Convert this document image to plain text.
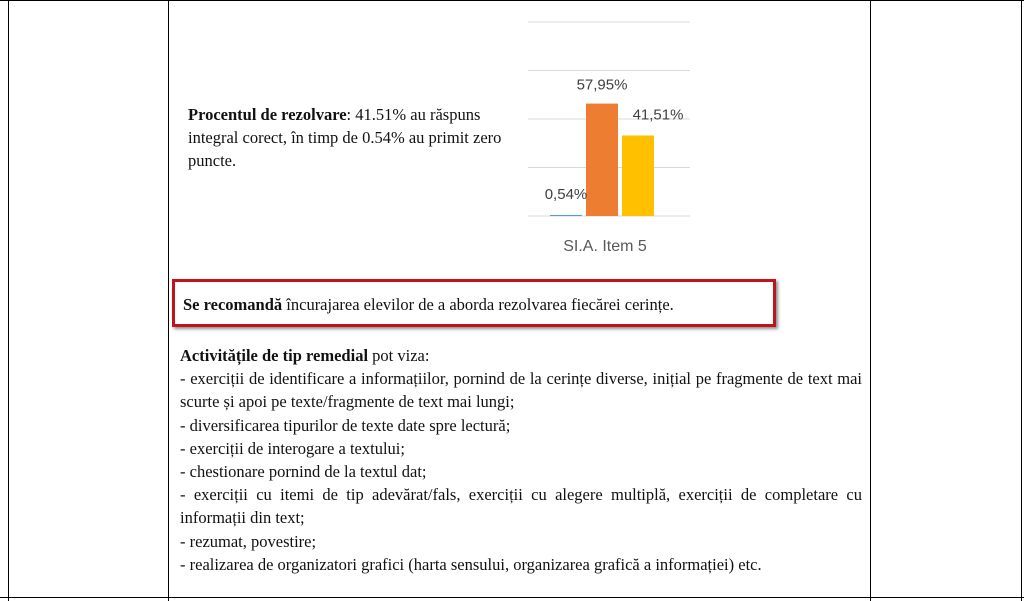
Procentul de rezolvare: 41.51% au răspuns integral corect, în timp de 0.54% au primit zero puncte.
0,54%
57,95%
41,51%
SI.A. Item 5
Se recomandă încurajarea elevilor de a aborda rezolvarea fiecărei cerințe.

Activitățile de tip remedial pot viza:

- exerciții de identificare a informațiilor, pornind de la cerințe diverse, inițial pe fragmente de text mai scurte și apoi pe texte/fragmente de text mai lungi;

- diversificarea tipurilor de texte date spre lectură;

- exerciții de interogare a textului;

- chestionare pornind de la textul dat;

- exerciții cu itemi de tip adevărat/fals, exerciții cu alegere multiplă, exerciții de completare cu informații din text;

- rezumat, povestire;

- realizarea de organizatori grafici (harta sensului, organizarea grafică a informației) etc.
